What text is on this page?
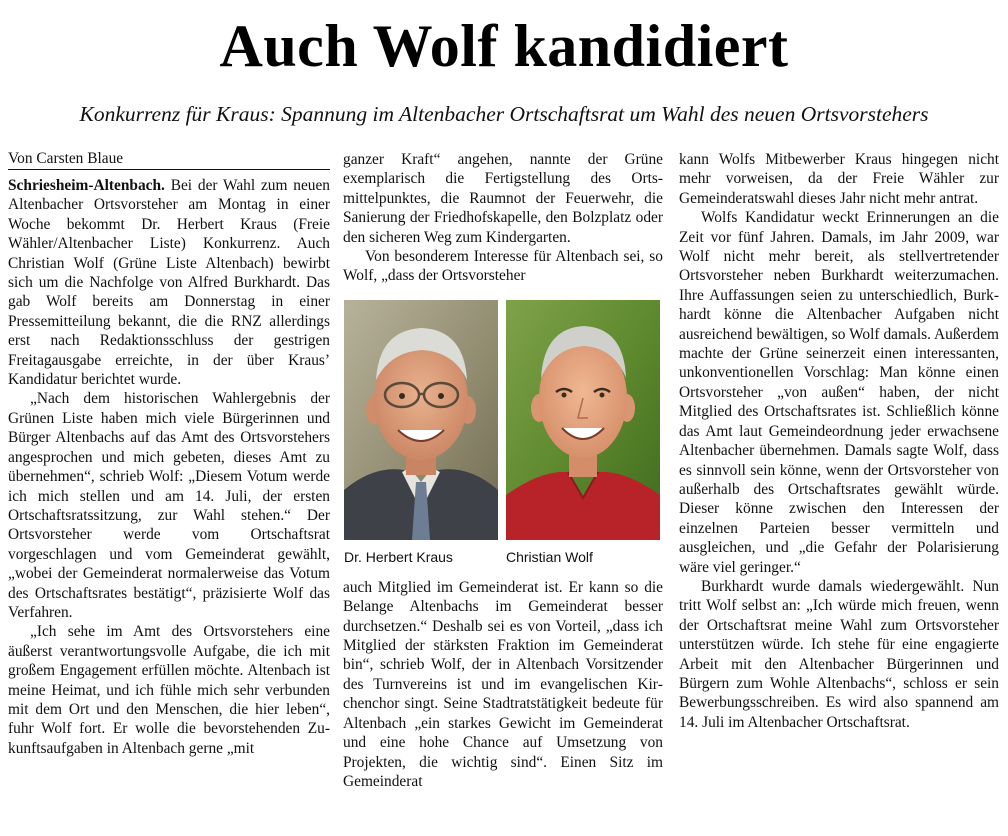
Auch Wolf kandidiert
Konkurrenz für Kraus: Spannung im Altenbacher Ortschaftsrat um Wahl des neuen Ortsvorstehers
Von Carsten Blaue

Schriesheim-Altenbach. Bei der Wahl zum neuen Altenbacher Ortsvorsteher am Montag in einer Woche bekommt Dr. Herbert Kraus (Freie Wähler/Altenbacher Liste) Konkurrenz. Auch Christian Wolf (Grüne Liste Altenbach) bewirbt sich um die Nachfolge von Alfred Burkhardt. Das gab Wolf bereits am Donnerstag in einer Pressemitteilung bekannt, die die RNZ allerdings erst nach Redaktionsschluss der gestrigen Freitagausgabe erreichte, in der über Kraus’ Kandidatur berichtet wurde.

„Nach dem historischen Wahlergebnis der Grünen Liste haben mich viele Bürgerinnen und Bürger Altenbachs auf das Amt des Ortsvorstehers angesprochen und mich gebeten, dieses Amt zu übernehmen“, schrieb Wolf: „Diesem Votum werde ich mich stellen und am 14. Juli, der ersten Ortschaftsratssitzung, zur Wahl stehen.“ Der Ortsvorsteher werde vom Ortschaftsrat vorgeschlagen und vom Gemeinderat gewählt, „wobei der Gemeinderat normalerweise das Votum des Ortschaftsrates bestätigt“, präzisierte Wolf das Verfahren.

„Ich sehe im Amt des Ortsvorstehers eine äußerst verantwortungsvolle Aufgabe, die ich mit großem Engagement erfüllen möchte. Altenbach ist meine Heimat, und ich fühle mich sehr verbunden mit dem Ort und den Menschen, die hier leben“, fuhr Wolf fort. Er wolle die bevorstehenden Zukunftsaufgaben in Altenbach gerne „mit

ganzer Kraft“ angehen, nannte der Grüne exemplarisch die Fertigstellung des Ortsmittelpunktes, die Raumnot der Feuerwehr, die Sanierung der Friedhofskapelle, den Bolzplatz oder den sicheren Weg zum Kindergarten.

Von besonderem Interesse für Altenbach sei, so Wolf, „dass der Ortsvorsteher

Dr. Herbert Kraus	Christian Wolf

auch Mitglied im Gemeinderat ist. Er kann so die Belange Altenbachs im Gemeinderat besser durchsetzen.“ Deshalb sei es von Vorteil, „dass ich Mitglied der stärksten Fraktion im Gemeinderat bin“, schrieb Wolf, der in Altenbach Vorsitzender des Turnvereins ist und im evangelischen Kirchenchor singt. Seine Stadtratstätigkeit bedeute für Altenbach „ein starkes Gewicht im Gemeinderat und eine hohe Chance auf Umsetzung von Projekten, die wichtig sind“. Einen Sitz im Gemeinderat

kann Wolfs Mitbewerber Kraus hingegen nicht mehr vorweisen, da der Freie Wähler zur Gemeinderatswahl dieses Jahr nicht mehr antrat.

Wolfs Kandidatur weckt Erinnerungen an die Zeit vor fünf Jahren. Damals, im Jahr 2009, war Wolf nicht mehr bereit, als stellvertretender Ortsvorsteher neben Burkhardt weiterzumachen. Ihre Auffassungen seien zu unterschiedlich, Burkhardt könne die Altenbacher Aufgaben nicht ausreichend bewältigen, so Wolf damals. Außerdem machte der Grüne seinerzeit einen interessanten, unkonventionellen Vorschlag: Man könne einen Ortsvorsteher „von außen“ haben, der nicht Mitglied des Ortschaftsrates ist. Schließlich könne das Amt laut Gemeindeordnung jeder erwachsene Altenbacher übernehmen. Damals sagte Wolf, dass es sinnvoll sein könne, wenn der Ortsvorsteher von außerhalb des Ortschaftsrates gewählt würde. Dieser könne zwischen den Interessen der einzelnen Parteien besser vermitteln und ausgleichen, und „die Gefahr der Polarisierung wäre viel geringer.“

Burkhardt wurde damals wiedergewählt. Nun tritt Wolf selbst an: „Ich würde mich freuen, wenn der Ortschaftsrat meine Wahl zum Ortsvorsteher unterstützen würde. Ich stehe für eine engagierte Arbeit mit den Altenbacher Bürgerinnen und Bürgern zum Wohle Altenbachs“, schloss er sein Bewerbungsschreiben. Es wird also spannend am 14. Juli im Altenbacher Ortschaftsrat.
